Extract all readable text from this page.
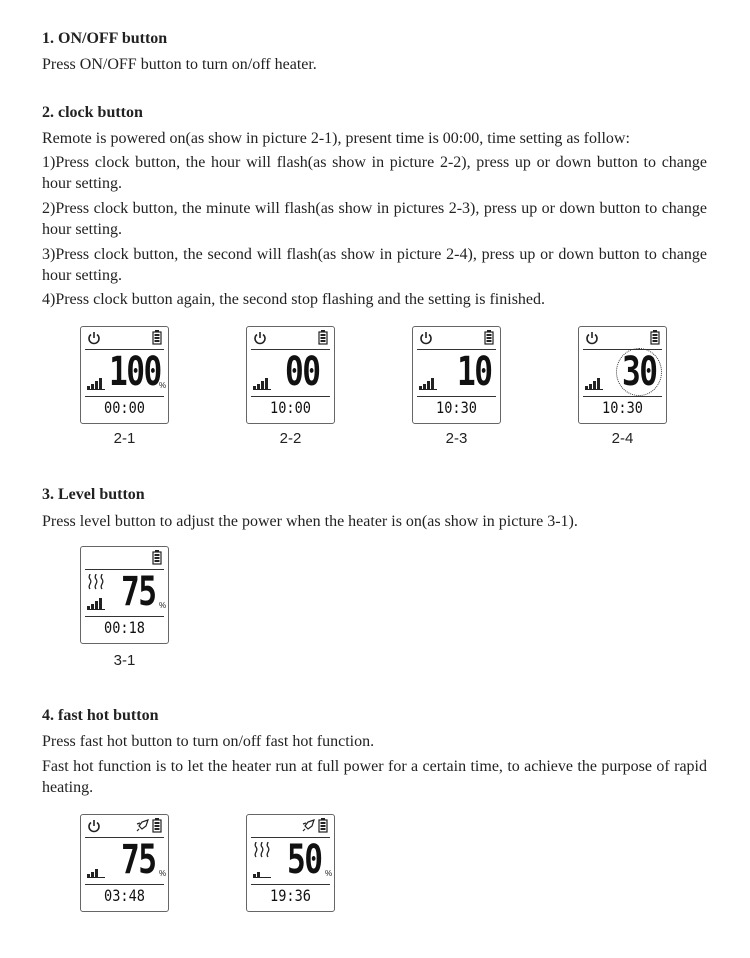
1. ON/OFF button
Press ON/OFF button to turn on/off heater.
2. clock button
Remote is powered on(as show in picture 2-1), present time is 00:00, time setting as follow:
1)Press clock button, the hour will flash(as show in picture 2-2), press up or down button to change hour setting.
2)Press clock button, the minute will flash(as show in pictures 2-3), press up or down button to change hour setting.
3)Press clock button, the second will flash(as show in picture 2-4), press up or down button to change hour setting.
4)Press clock button again, the second stop flashing and the setting is finished.
100
%
00:00
2-1
00
10:00
2-2
10
10:30
2-3
30
10:30
2-4
3. Level button
Press level button to adjust the power when the heater is on(as show in picture 3-1).
75 %
00:18
3-1
4. fast hot button
Press fast hot button to turn on/off fast hot function.
Fast hot function is to let the heater run at full power for a certain time, to achieve the purpose of rapid heating.
75 %
03:48
50 %
19:36
